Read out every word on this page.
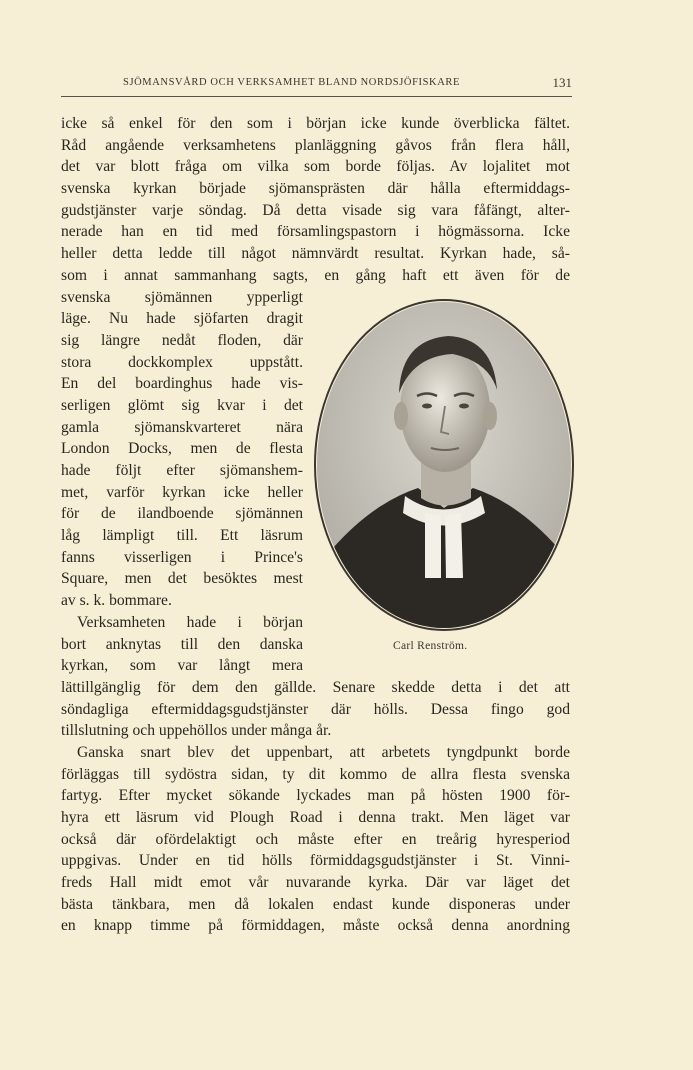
SJÖMANSVÅRD OCH VERKSAMHET BLAND NORDSJÖFISKARE	131
icke så enkel för den som i början icke kunde överblicka fältet.
Råd angående verksamhetens planläggning gåvos från flera håll,
det var blott fråga om vilka som borde följas. Av lojalitet mot
svenska kyrkan började sjömansprästen där hålla eftermiddags-
gudstjänster varje söndag. Då detta visade sig vara fåfängt, alter-
nerade han en tid med församlingspastorn i högmässorna. Icke
heller detta ledde till något nämnvärdt resultat. Kyrkan hade, så-
som i annat sammanhang sagts, en gång haft ett även för de
svenska sjömännen ypperligt
läge. Nu hade sjöfarten dragit
sig längre nedåt floden, där
stora dockkomplex uppstått.
En del boardinghus hade vis-
serligen glömt sig kvar i det
gamla sjömanskvarteret nära
London Docks, men de flesta
hade följt efter sjömanshem-
met, varför kyrkan icke heller
för de ilandboende sjömännen
låg lämpligt till. Ett läsrum
fanns visserligen i Prince's
Square, men det besöktes mest
av s. k. bommare.
Verksamheten hade i början
bort anknytas till den danska
kyrkan, som var långt mera
lättillgänglig för dem den gällde. Senare skedde detta i det att
söndagliga eftermiddagsgudstjänster där hölls. Dessa fingo god
tillslutning och uppehöllos under många år.
Ganska snart blev det uppenbart, att arbetets tyngdpunkt borde
förläggas till sydöstra sidan, ty dit kommo de allra flesta svenska
fartyg. Efter mycket sökande lyckades man på hösten 1900 för-
hyra ett läsrum vid Plough Road i denna trakt. Men läget var
också där ofördelaktigt och måste efter en treårig hyresperiod
uppgivas. Under en tid hölls förmiddagsgudstjänster i St. Vinni-
freds Hall midt emot vår nuvarande kyrka. Där var läget det
bästa tänkbara, men då lokalen endast kunde disponeras under
en knapp timme på förmiddagen, måste också denna anordning
Carl Renström.
